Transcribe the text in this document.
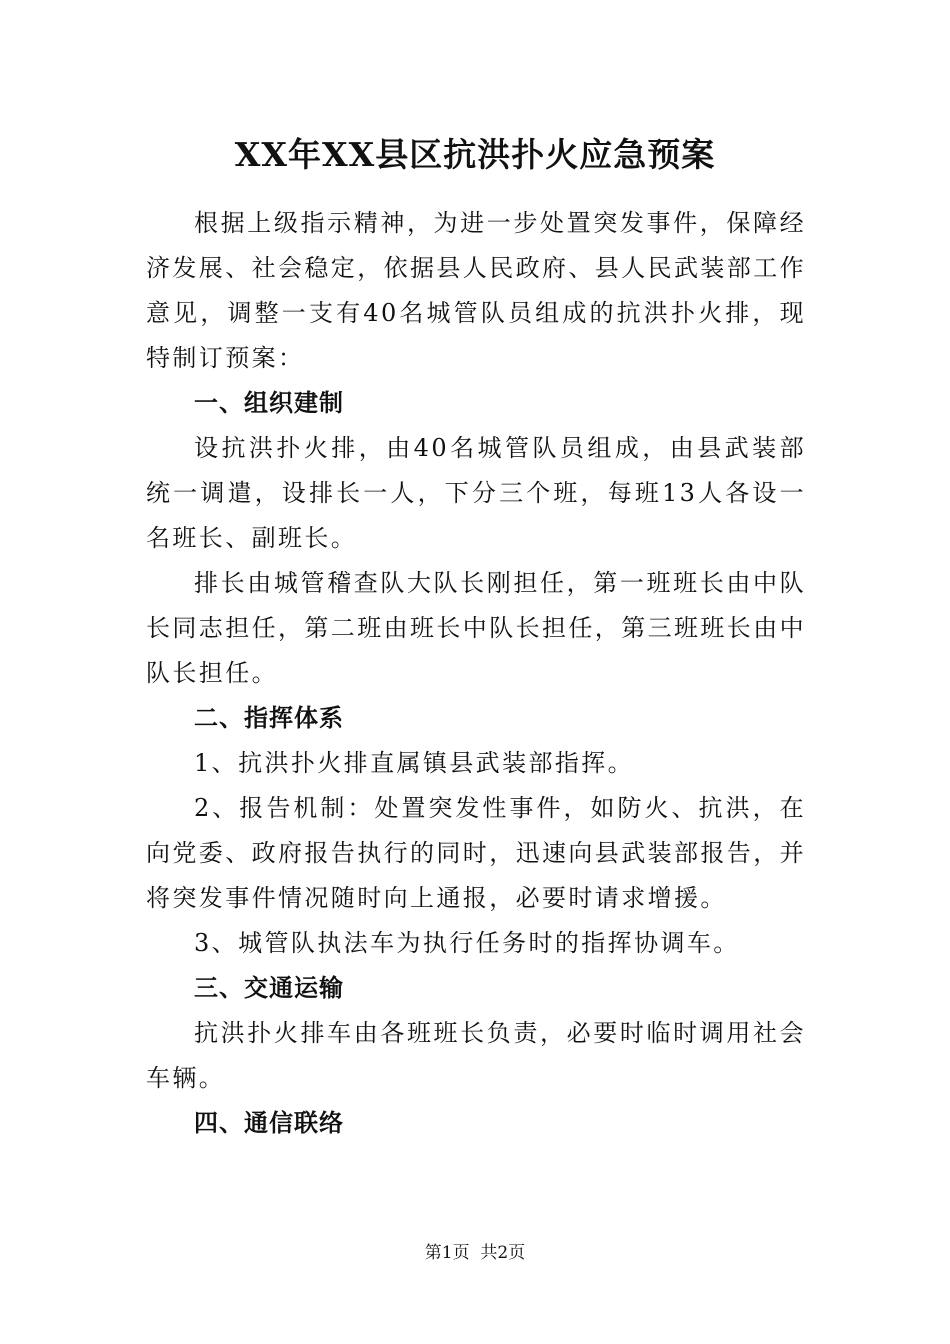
XX年XX县区抗洪扑火应急预案

根据上级指示精神，为进一步处置突发事件，保障经济发展、社会稳定，依据县人民政府、县人民武装部工作意见，调整一支有40名城管队员组成的抗洪扑火排，现特制订预案：

一、组织建制

设抗洪扑火排，由40名城管队员组成，由县武装部统一调遣，设排长一人，下分三个班，每班13人各设一名班长、副班长。

排长由城管稽查队大队长刚担任，第一班班长由中队长同志担任，第二班由班长中队长担任，第三班班长由中队长担任。

二、指挥体系

1、抗洪扑火排直属镇县武装部指挥。

2、报告机制：处置突发性事件，如防火、抗洪，在向党委、政府报告执行的同时，迅速向县武装部报告，并将突发事件情况随时向上通报，必要时请求增援。

3、城管队执法车为执行任务时的指挥协调车。

三、交通运输

抗洪扑火排车由各班班长负责，必要时临时调用社会车辆。

四、通信联络

第1页 共2页
